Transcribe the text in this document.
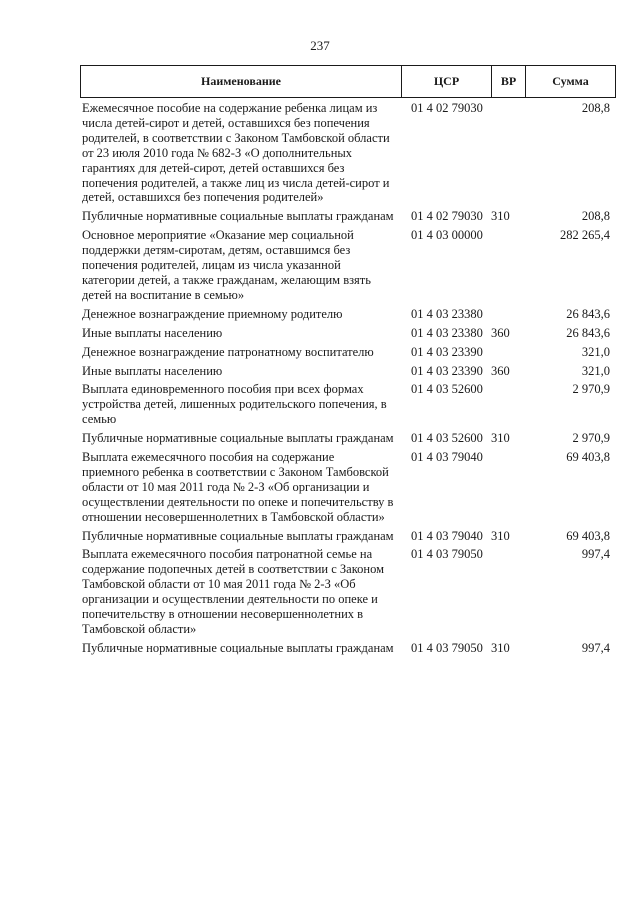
237
Наименование	ЦСР	ВР	Сумма
Ежемесячное пособие на содержание ребенка лицам из числа детей-сирот и детей, оставшихся без попечения родителей, в соответствии с Законом Тамбовской области от 23 июля 2010 года № 682-З «О дополнительных гарантиях для детей-сирот, детей оставшихся без попечения родителей, а также лиц из числа детей-сирот и детей, оставшихся без попечения родителей»
01 4 02 79030	208,8
Публичные нормативные социальные выплаты гражданам	01 4 02 79030 310	208,8
Основное мероприятие «Оказание мер социальной поддержки детям-сиротам, детям, оставшимся без попечения родителей, лицам из числа указанной категории детей, а также гражданам, желающим взять детей на воспитание в семью»
01 4 03 00000	282 265,4
Денежное вознаграждение приемному родителю	01 4 03 23380	26 843,6
Иные выплаты населению	01 4 03 23380 360	26 843,6
Денежное вознаграждение патронатному воспитателю	01 4 03 23390	321,0
Иные выплаты населению	01 4 03 23390 360	321,0
Выплата единовременного пособия при всех формах устройства детей, лишенных родительского попечения, в семью
01 4 03 52600	2 970,9
Публичные нормативные социальные выплаты гражданам	01 4 03 52600 310	2 970,9
Выплата ежемесячного пособия на содержание приемного ребенка в соответствии с Законом Тамбовской области от 10 мая 2011 года № 2-З «Об организации и осуществлении деятельности по опеке и попечительству в отношении несовершеннолетних в Тамбовской области»
01 4 03 79040	69 403,8
Публичные нормативные социальные выплаты гражданам	01 4 03 79040 310	69 403,8
Выплата ежемесячного пособия патронатной семье на содержание подопечных детей в соответствии с Законом Тамбовской области от 10 мая 2011 года № 2-З «Об организации и осуществлении деятельности по опеке и попечительству в отношении несовершеннолетних в Тамбовской области»
01 4 03 79050	997,4
Публичные нормативные социальные выплаты гражданам	01 4 03 79050 310	997,4
